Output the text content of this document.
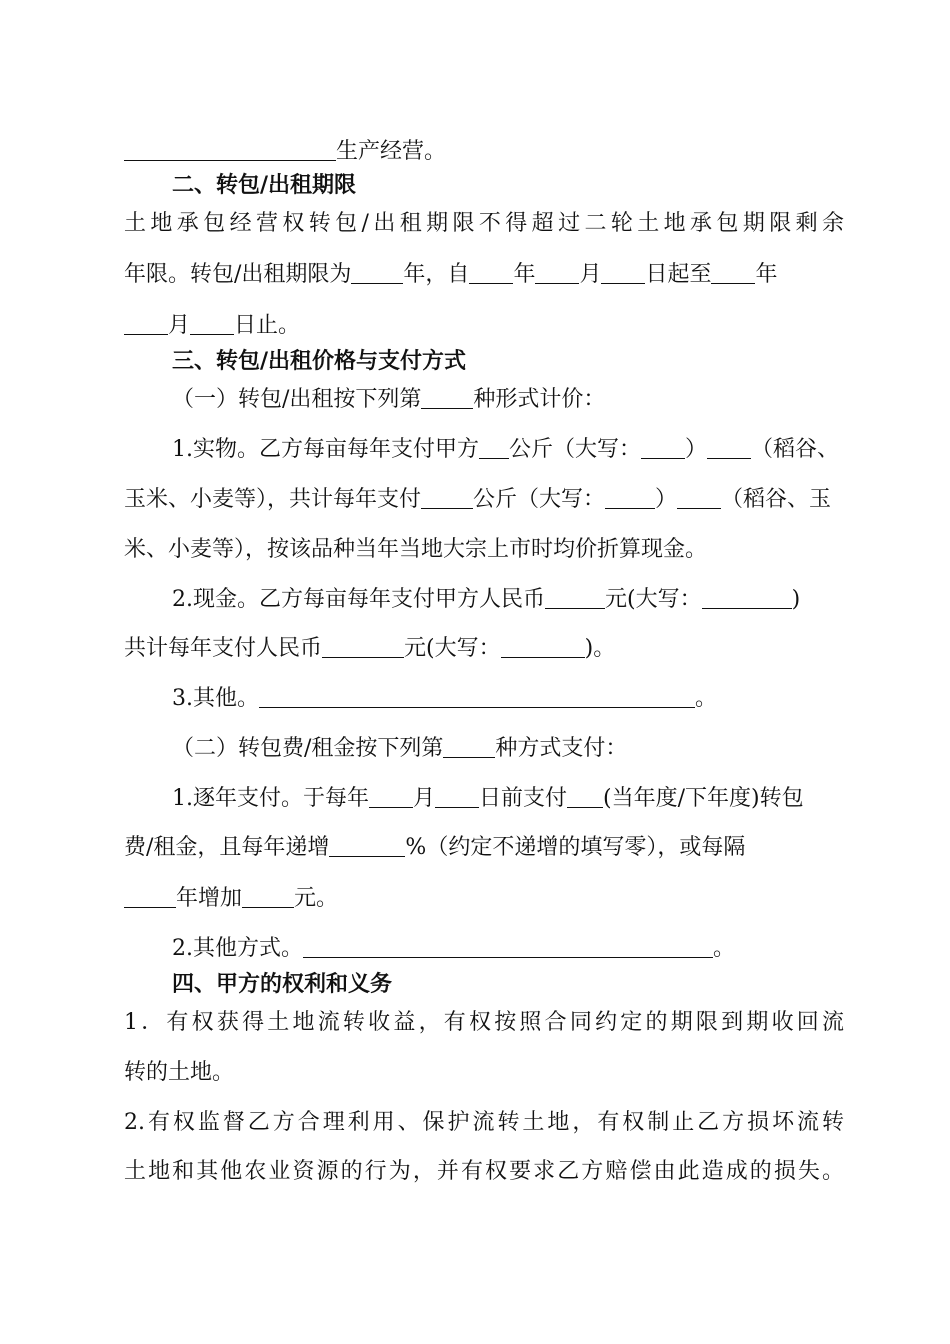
生产经营。
二、转包/出租期限
土地承包经营权转包/出租期限不得超过二轮土地承包期限剩余
年限。转包/出租期限为 年，自 年 月 日起至 年
月 日止。
三、转包/出租价格与支付方式
（一）转包/出租按下列第 种形式计价：
1.实物。乙方每亩每年支付甲方 公斤（大写： ） （稻谷、
玉米、小麦等），共计每年支付 公斤（大写： ） （稻谷、玉
米、小麦等），按该品种当年当地大宗上市时均价折算现金。
2.现金。乙方每亩每年支付甲方人民币	元(大写：	)
共计每年支付人民币	元(大写：	)。
3.其他。	。
（二）转包费/租金按下列第 种方式支付：
1.逐年支付。于每年 月 日前支付 (当年度/下年度)转包
费/租金，且每年递增	%（约定不递增的填写零），或每隔
年增加 元。
2.其他方式。	。
四、甲方的权利和义务
1．有权获得土地流转收益，有权按照合同约定的期限到期收回流
转的土地。
2.有权监督乙方合理利用、保护流转土地，有权制止乙方损坏流转
土地和其他农业资源的行为，并有权要求乙方赔偿由此造成的损失。
